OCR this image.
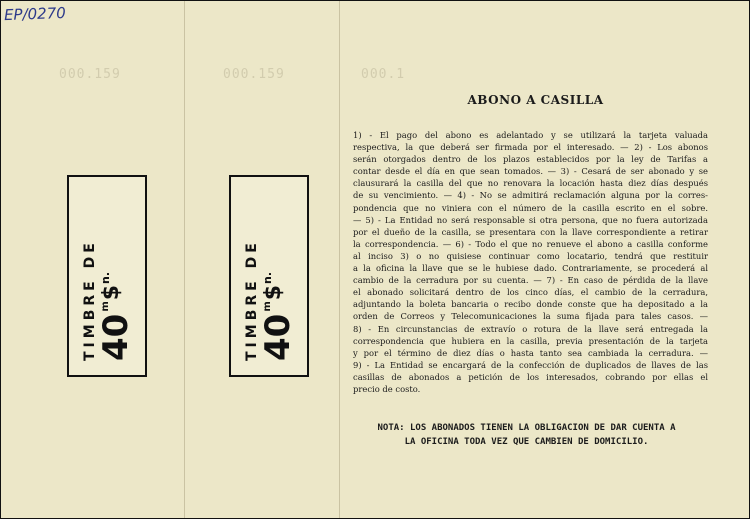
EP/0270
000.159	000.159	000.1
TIMBRE DE
40
m
$
n.	TIMBRE DE
40
m
$
n.
ABONO A CASILLA
1) - El pago del abono es adelantado y se utilizará la tarjeta valuada
respectiva, la que deberá ser firmada por el interesado. — 2) - Los abonos
serán otorgados dentro de los plazos establecidos por la ley de Tarifas a
contar desde el día en que sean tomados. — 3) - Cesará de ser abonado y se
clausurará la casilla del que no renovara la locación hasta diez días después
de su vencimiento. — 4) - No se admitirá reclamación alguna por la corres-
pondencia que no viniera con el número de la casilla escrito en el sobre.
— 5) - La Entidad no será responsable si otra persona, que no fuera autorizada
por el dueño de la casilla, se presentara con la llave correspondiente a retirar
la correspondencia. — 6) - Todo el que no renueve el abono a casilla conforme
al inciso 3) o no quisiese continuar como locatario, tendrá que restituir
a la oficina la llave que se le hubiese dado. Contrariamente, se procederá al
cambio de la cerradura por su cuenta. — 7) - En caso de pérdida de la llave
el abonado solicitará dentro de los cinco días, el cambio de la cerradura,
adjuntando la boleta bancaria o recibo donde conste que ha depositado a la
orden de Correos y Telecomunicaciones la suma fijada para tales casos. —
8) - En circunstancias de extravío o rotura de la llave será entregada la
correspondencia que hubiera en la casilla, previa presentación de la tarjeta
y por el término de diez días o hasta tanto sea cambiada la cerradura. —
9) - La Entidad se encargará de la confección de duplicados de llaves de las
casillas de abonados a petición de los interesados, cobrando por ellas el
precio de costo.
NOTA: LOS ABONADOS TIENEN LA OBLIGACION DE DAR CUENTA A
LA OFICINA TODA VEZ QUE CAMBIEN DE DOMICILIO.
